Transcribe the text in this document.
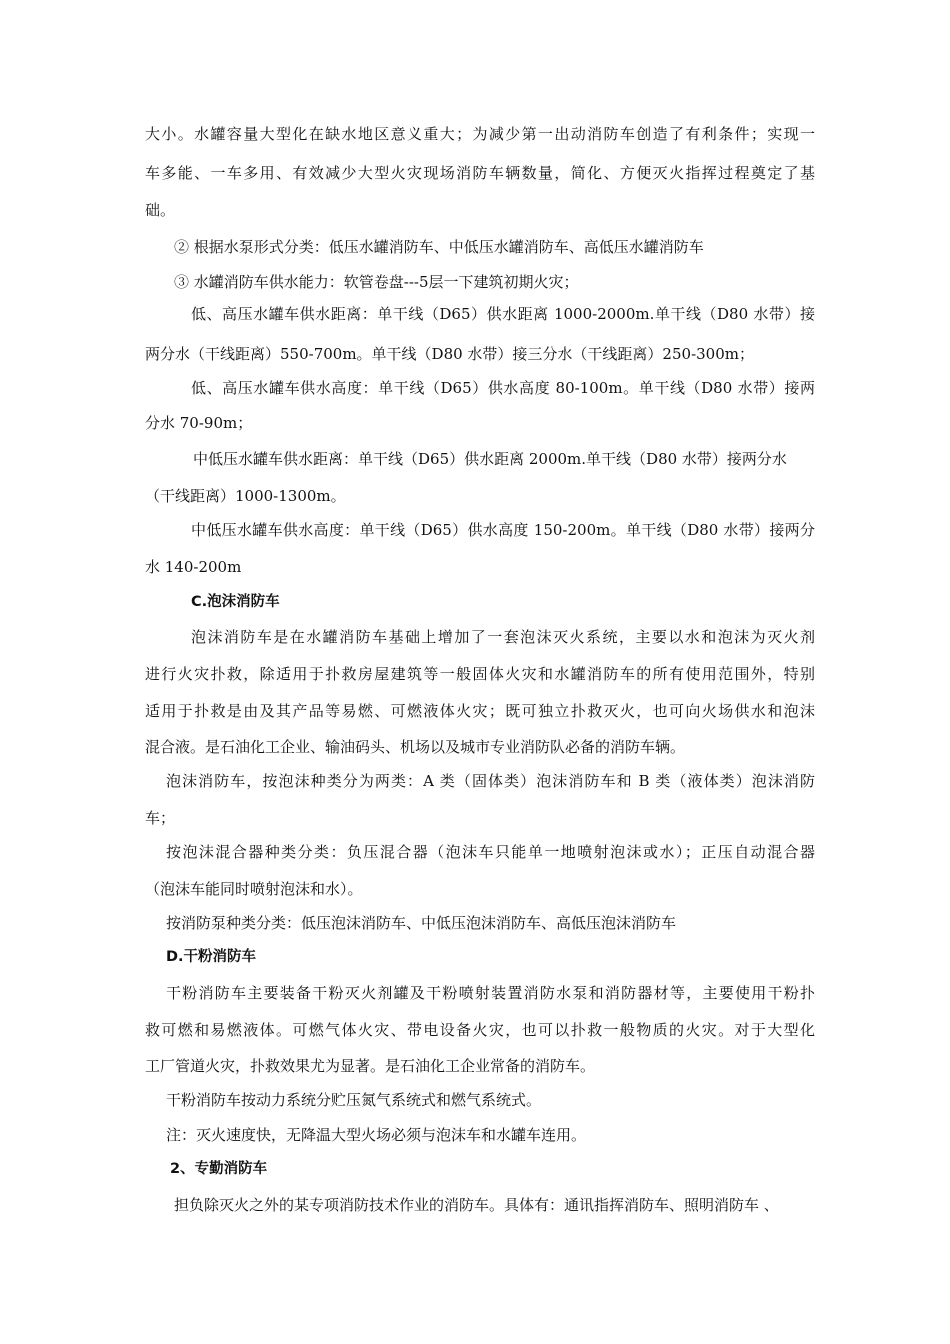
大小。水罐容量大型化在缺水地区意义重大；为减少第一出动消防车创造了有利条件；实现一
车多能、一车多用、有效减少大型火灾现场消防车辆数量，简化、方便灭火指挥过程奠定了基
础。
② 根据水泵形式分类：低压水罐消防车、中低压水罐消防车、高低压水罐消防车
③ 水罐消防车供水能力：软管卷盘---5层一下建筑初期火灾；
低、高压水罐车供水距离：单干线（D65）供水距离 1000-2000m.单干线（D80 水带）接
两分水（干线距离）550-700m。单干线（D80 水带）接三分水（干线距离）250-300m；
低、高压水罐车供水高度：单干线（D65）供水高度 80-100m。单干线（D80 水带）接两
分水 70-90m；
中低压水罐车供水距离：单干线（D65）供水距离 2000m.单干线（D80 水带）接两分水
（干线距离）1000-1300m。
中低压水罐车供水高度：单干线（D65）供水高度 150-200m。单干线（D80 水带）接两分
水 140-200m
C.泡沫消防车
泡沫消防车是在水罐消防车基础上增加了一套泡沫灭火系统，主要以水和泡沫为灭火剂
进行火灾扑救，除适用于扑救房屋建筑等一般固体火灾和水罐消防车的所有使用范围外，特别
适用于扑救是由及其产品等易燃、可燃液体火灾；既可独立扑救灭火，也可向火场供水和泡沫
混合液。是石油化工企业、输油码头、机场以及城市专业消防队必备的消防车辆。
泡沫消防车，按泡沫种类分为两类：A 类（固体类）泡沫消防车和 B 类（液体类）泡沫消防
车；
按泡沫混合器种类分类：负压混合器（泡沫车只能单一地喷射泡沫或水）；正压自动混合器
（泡沫车能同时喷射泡沫和水）。
按消防泵种类分类：低压泡沫消防车、中低压泡沫消防车、高低压泡沫消防车
D.干粉消防车
干粉消防车主要装备干粉灭火剂罐及干粉喷射装置消防水泵和消防器材等，主要使用干粉扑
救可燃和易燃液体。可燃气体火灾、带电设备火灾，也可以扑救一般物质的火灾。对于大型化
工厂管道火灾，扑救效果尤为显著。是石油化工企业常备的消防车。
干粉消防车按动力系统分贮压氮气系统式和燃气系统式。
注：灭火速度快，无降温大型火场必须与泡沫车和水罐车连用。
2、专勤消防车
担负除灭火之外的某专项消防技术作业的消防车。具体有：通讯指挥消防车、照明消防车 、
